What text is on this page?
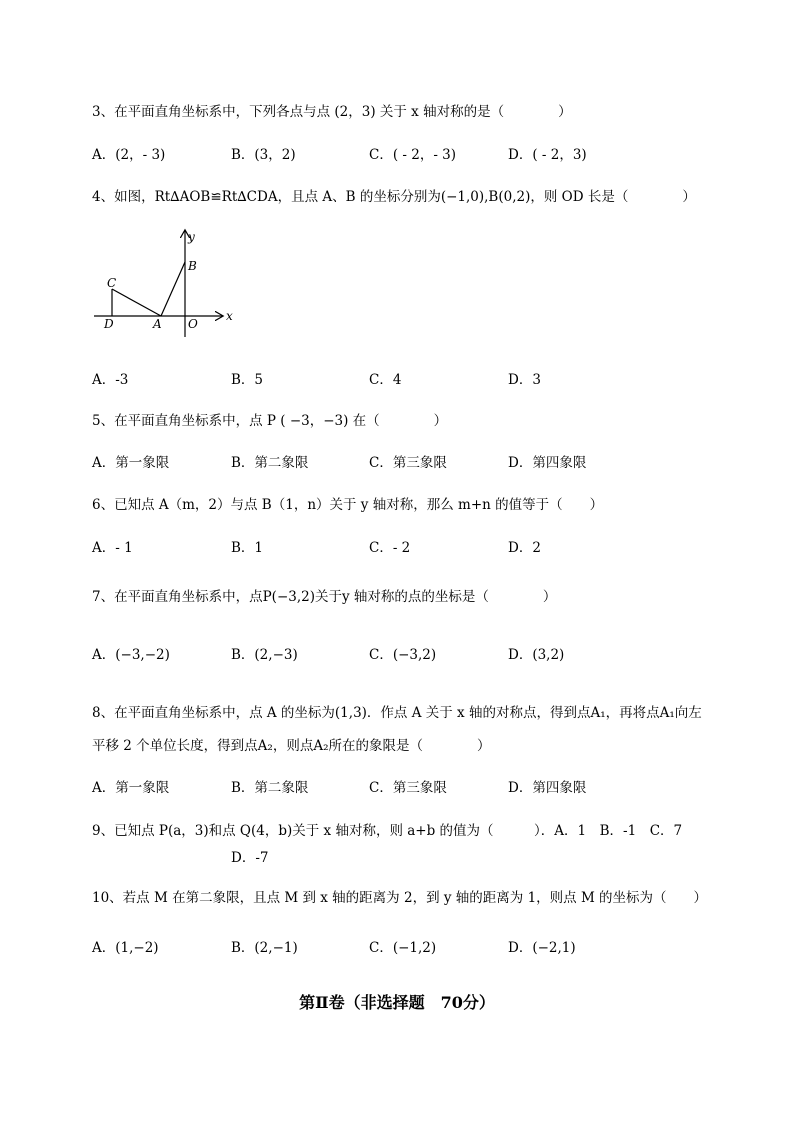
3、在平面直角坐标系中，下列各点与点 (2，3) 关于 x 轴对称的是（　　　　）
A．(2，- 3)	B．(3，2)	C．( - 2，- 3)	D．( - 2，3)
4、如图，Rt∆AOB≌Rt∆CDA，且点 A、B 的坐标分别为(−1,0),B(0,2)，则 OD 长是（　　　　）
y
x
B
C
D	A O
A．-3	B．5	C．4	D．3
5、在平面直角坐标系中，点 P ( −3，−3) 在（　　　　）
A．第一象限	B．第二象限	C．第三象限	D．第四象限
6、已知点 A（m，2）与点 B（1，n）关于 y 轴对称，那么 m+n 的值等于（　　）
A．- 1	B．1	C．- 2	D．2
7、在平面直角坐标系中，点P(−3,2)关于y 轴对称的点的坐标是（　　　　）
A．(−3,−2)	B．(2,−3)	C．(−3,2)	D．(3,2)
8、在平面直角坐标系中，点 A 的坐标为(1,3)．作点 A 关于 x 轴的对称点，得到点A₁，再将点A₁向左
平移 2 个单位长度，得到点A₂，则点A₂所在的象限是（　　　　）
A．第一象限	B．第二象限	C．第三象限	D．第四象限
9、已知点 P(a，3)和点 Q(4，b)关于 x 轴对称，则 a+b 的值为（　　　）．A．1　B．-1　C．7
D．-7
10、若点 M 在第二象限，且点 M 到 x 轴的距离为 2，到 y 轴的距离为 1，则点 M 的坐标为（　　）
A．(1,−2)	B．(2,−1)	C．(−1,2)	D．(−2,1)
第Ⅱ卷（非选择题　70分）
